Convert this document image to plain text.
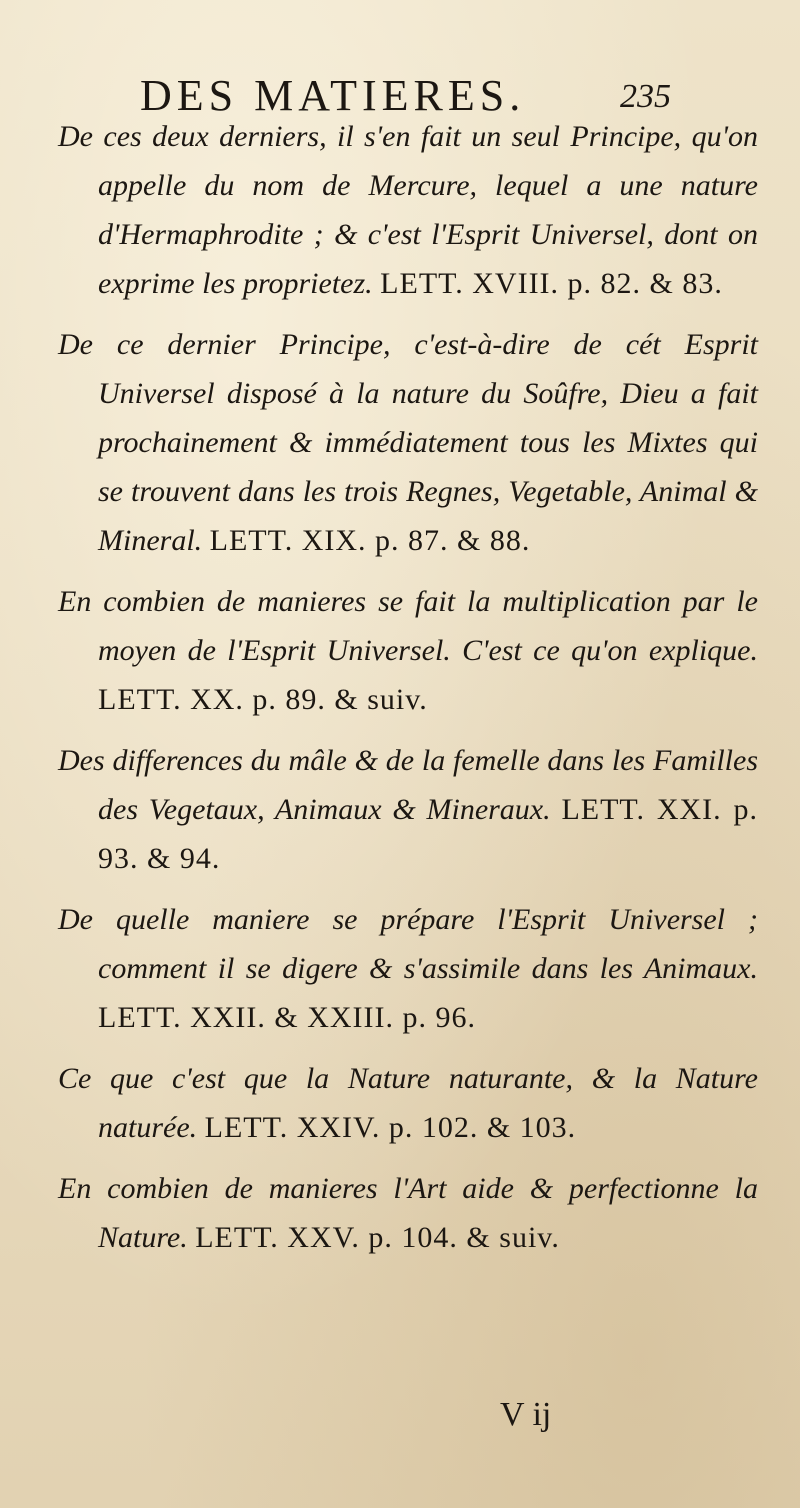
DES MATIERES.	235

De ces deux derniers, il s'en fait un seul Principe, qu'on appelle du nom de Mercure, lequel a une nature d'Hermaphrodite ; & c'est l'Esprit Universel, dont on exprime les proprietez. LETT. XVIII. p. 82. & 83.

De ce dernier Principe, c'est-à-dire de cét Esprit Universel disposé à la nature du Soûfre, Dieu a fait prochainement & immédiatement tous les Mixtes qui se trouvent dans les trois Regnes, Vegetable, Animal & Mineral. LETT. XIX. p. 87. & 88.

En combien de manieres se fait la multiplication par le moyen de l'Esprit Universel. C'est ce qu'on explique. LETT. XX. p. 89. & suiv.

Des differences du mâle & de la femelle dans les Familles des Vegetaux, Animaux & Mineraux. LETT. XXI. p. 93. & 94.

De quelle maniere se prépare l'Esprit Universel ; comment il se digere & s'assimile dans les Animaux. LETT. XXII. & XXIII. p. 96.

Ce que c'est que la Nature naturante, & la Nature naturée. LETT. XXIV. p. 102. & 103.

En combien de manieres l'Art aide & perfectionne la Nature. LETT. XXV. p. 104. & suiv.

V ij
